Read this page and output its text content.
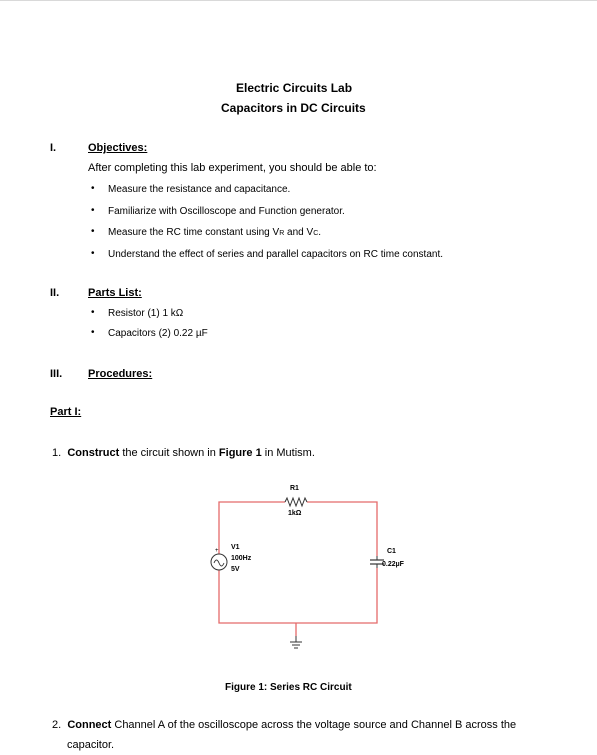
Electric Circuits Lab
Capacitors in DC Circuits
I.	Objectives:
After completing this lab experiment, you should be able to:
• Measure the resistance and capacitance.
• Familiarize with Oscilloscope and Function generator.
• Measure the RC time constant using VR and VC.
• Understand the effect of series and parallel capacitors on RC time constant.
II.	Parts List:
• Resistor (1) 1 kΩ
• Capacitors (2) 0.22 µF
III. Procedures:
Part I:
1. Construct the circuit shown in Figure 1 in Mutism.
R1
1kΩ
+ V1
100Hz
5V
C1
0.22µF
Figure 1: Series RC Circuit
2. Connect Channel A of the oscilloscope across the voltage source and Channel B across the
capacitor.
